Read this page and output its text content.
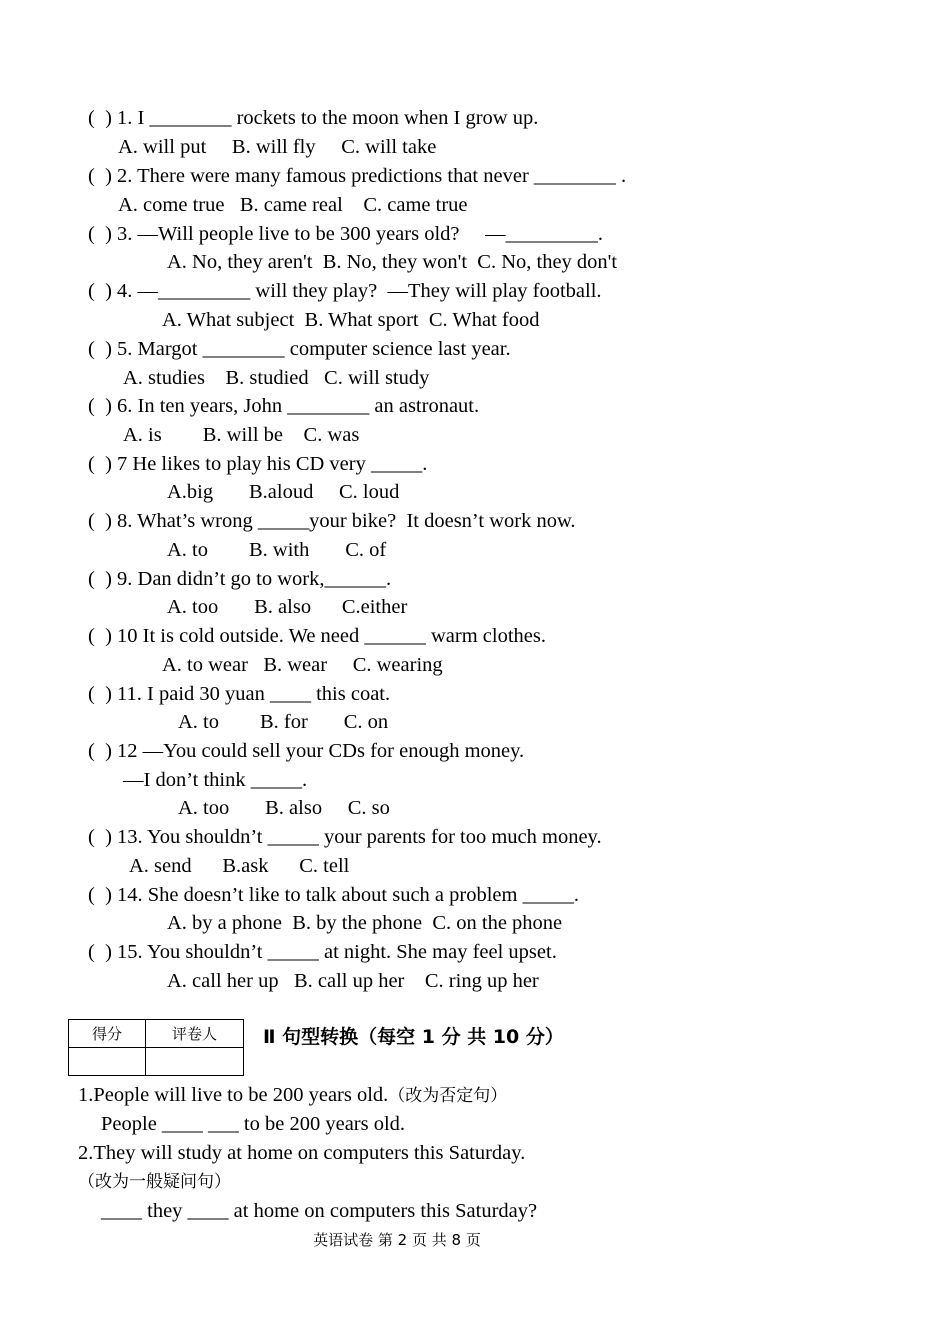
(  ) 1. I ________ rockets to the moon when I grow up.
A. will put     B. will fly     C. will take
(  ) 2. There were many famous predictions that never ________ .
A. come true   B. came real    C. came true
(  ) 3. —Will people live to be 300 years old?     —_________.
A. No, they aren't  B. No, they won't  C. No, they don't
(  ) 4. —_________ will they play?  —They will play football.
A. What subject  B. What sport  C. What food
(  ) 5. Margot ________ computer science last year.
A. studies    B. studied   C. will study
(  ) 6. In ten years, John ________ an astronaut.
A. is        B. will be    C. was
(  ) 7 He likes to play his CD very _____.
A.big       B.aloud     C. loud
(  ) 8. What’s wrong _____your bike?  It doesn’t work now.
A. to        B. with       C. of
(  ) 9. Dan didn’t go to work,______.
A. too       B. also      C.either
(  ) 10 It is cold outside. We need ______ warm clothes.
A. to wear   B. wear     C. wearing
(  ) 11. I paid 30 yuan ____ this coat.
A. to        B. for       C. on
(  ) 12 —You could sell your CDs for enough money.
—I don’t think _____.
A. too       B. also     C. so
(  ) 13. You shouldn’t _____ your parents for too much money.
A. send      B.ask      C. tell
(  ) 14. She doesn’t like to talk about such a problem _____.
A. by a phone  B. by the phone  C. on the phone
(  ) 15. You shouldn’t _____ at night. She may feel upset.
A. call her up   B. call up her    C. ring up her
得分	评卷人
	Ⅱ 句型转换（每空 1 分 共 10 分）
1.People will live to be 200 years old.（改为否定句）
People ____ ___ to be 200 years old.
2.They will study at home on computers this Saturday.
（改为一般疑问句）
____ they ____ at home on computers this Saturday?
英语试卷 第 2 页 共 8 页
